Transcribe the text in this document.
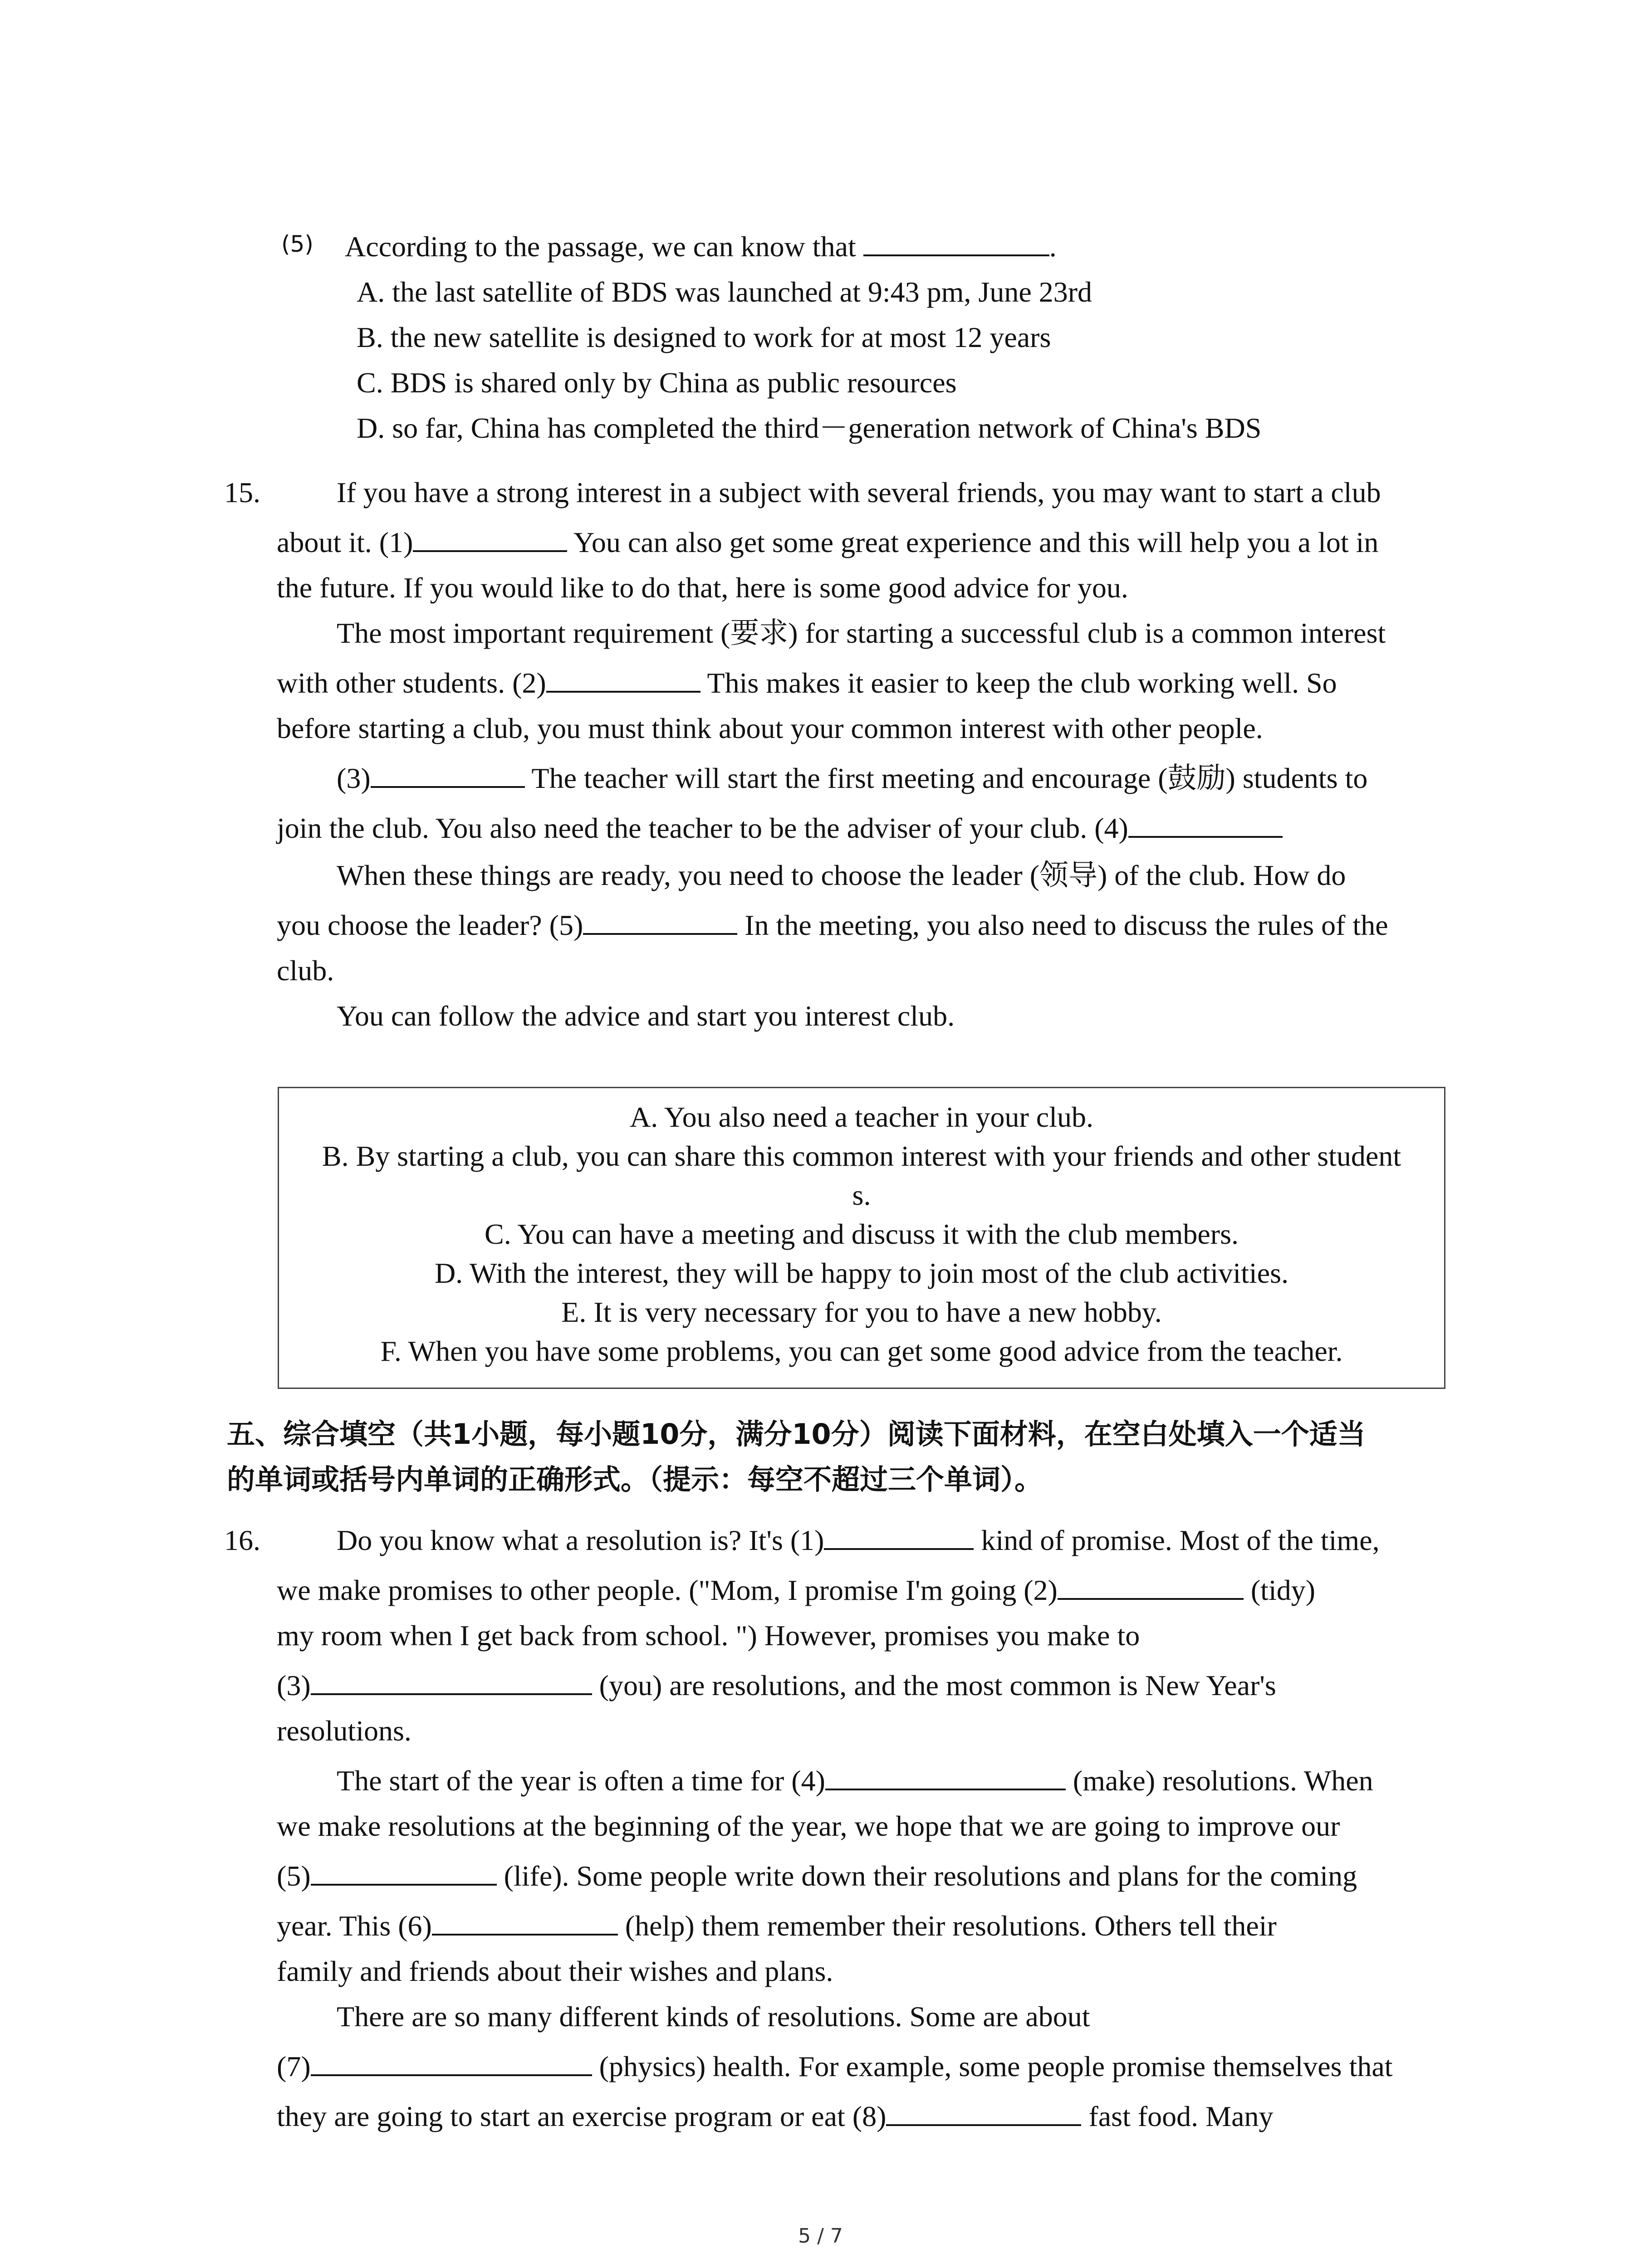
(5) According to the passage, we can know that	.
A. the last satellite of BDS was launched at 9:43 pm, June 23rd
B. the new satellite is designed to work for at most 12 years
C. BDS is shared only by China as public resources
D. so far, China has completed the third－generation network of China's BDS
15.	If you have a strong interest in a subject with several friends, you may want to start a club
about it. (1)	You can also get some great experience and this will help you a lot in
the future. If you would like to do that, here is some good advice for you.
The most important requirement (要求) for starting a successful club is a common interest
with other students. (2)	This makes it easier to keep the club working well. So
before starting a club, you must think about your common interest with other people.
(3)	The teacher will start the first meeting and encourage (鼓励) students to
join the club. You also need the teacher to be the adviser of your club. (4)
When these things are ready, you need to choose the leader (领导) of the club. How do
you choose the leader? (5)	In the meeting, you also need to discuss the rules of the
club.
You can follow the advice and start you interest club.
A. You also need a teacher in your club.
B. By starting a club, you can share this common interest with your friends and other student
s.
C. You can have a meeting and discuss it with the club members.
D. With the interest, they will be happy to join most of the club activities.
E. It is very necessary for you to have a new hobby.
F. When you have some problems, you can get some good advice from the teacher.
五、综合填空（共1小题，每小题10分，满分10分）阅读下面材料，在空白处填入一个适当
的单词或括号内单词的正确形式。（提示：每空不超过三个单词）。
16.	Do you know what a resolution is? It's (1)	kind of promise. Most of the time,
we make promises to other people. ("Mom, I promise I'm going (2)	(tidy)
my room when I get back from school. ") However, promises you make to
(3)	(you) are resolutions, and the most common is New Year's
resolutions.
The start of the year is often a time for (4)	(make) resolutions. When
we make resolutions at the beginning of the year, we hope that we are going to improve our
(5)	(life). Some people write down their resolutions and plans for the coming
year. This (6)	(help) them remember their resolutions. Others tell their
family and friends about their wishes and plans.
There are so many different kinds of resolutions. Some are about
(7)	(physics) health. For example, some people promise themselves that
they are going to start an exercise program or eat (8)	fast food. Many
5 / 7
